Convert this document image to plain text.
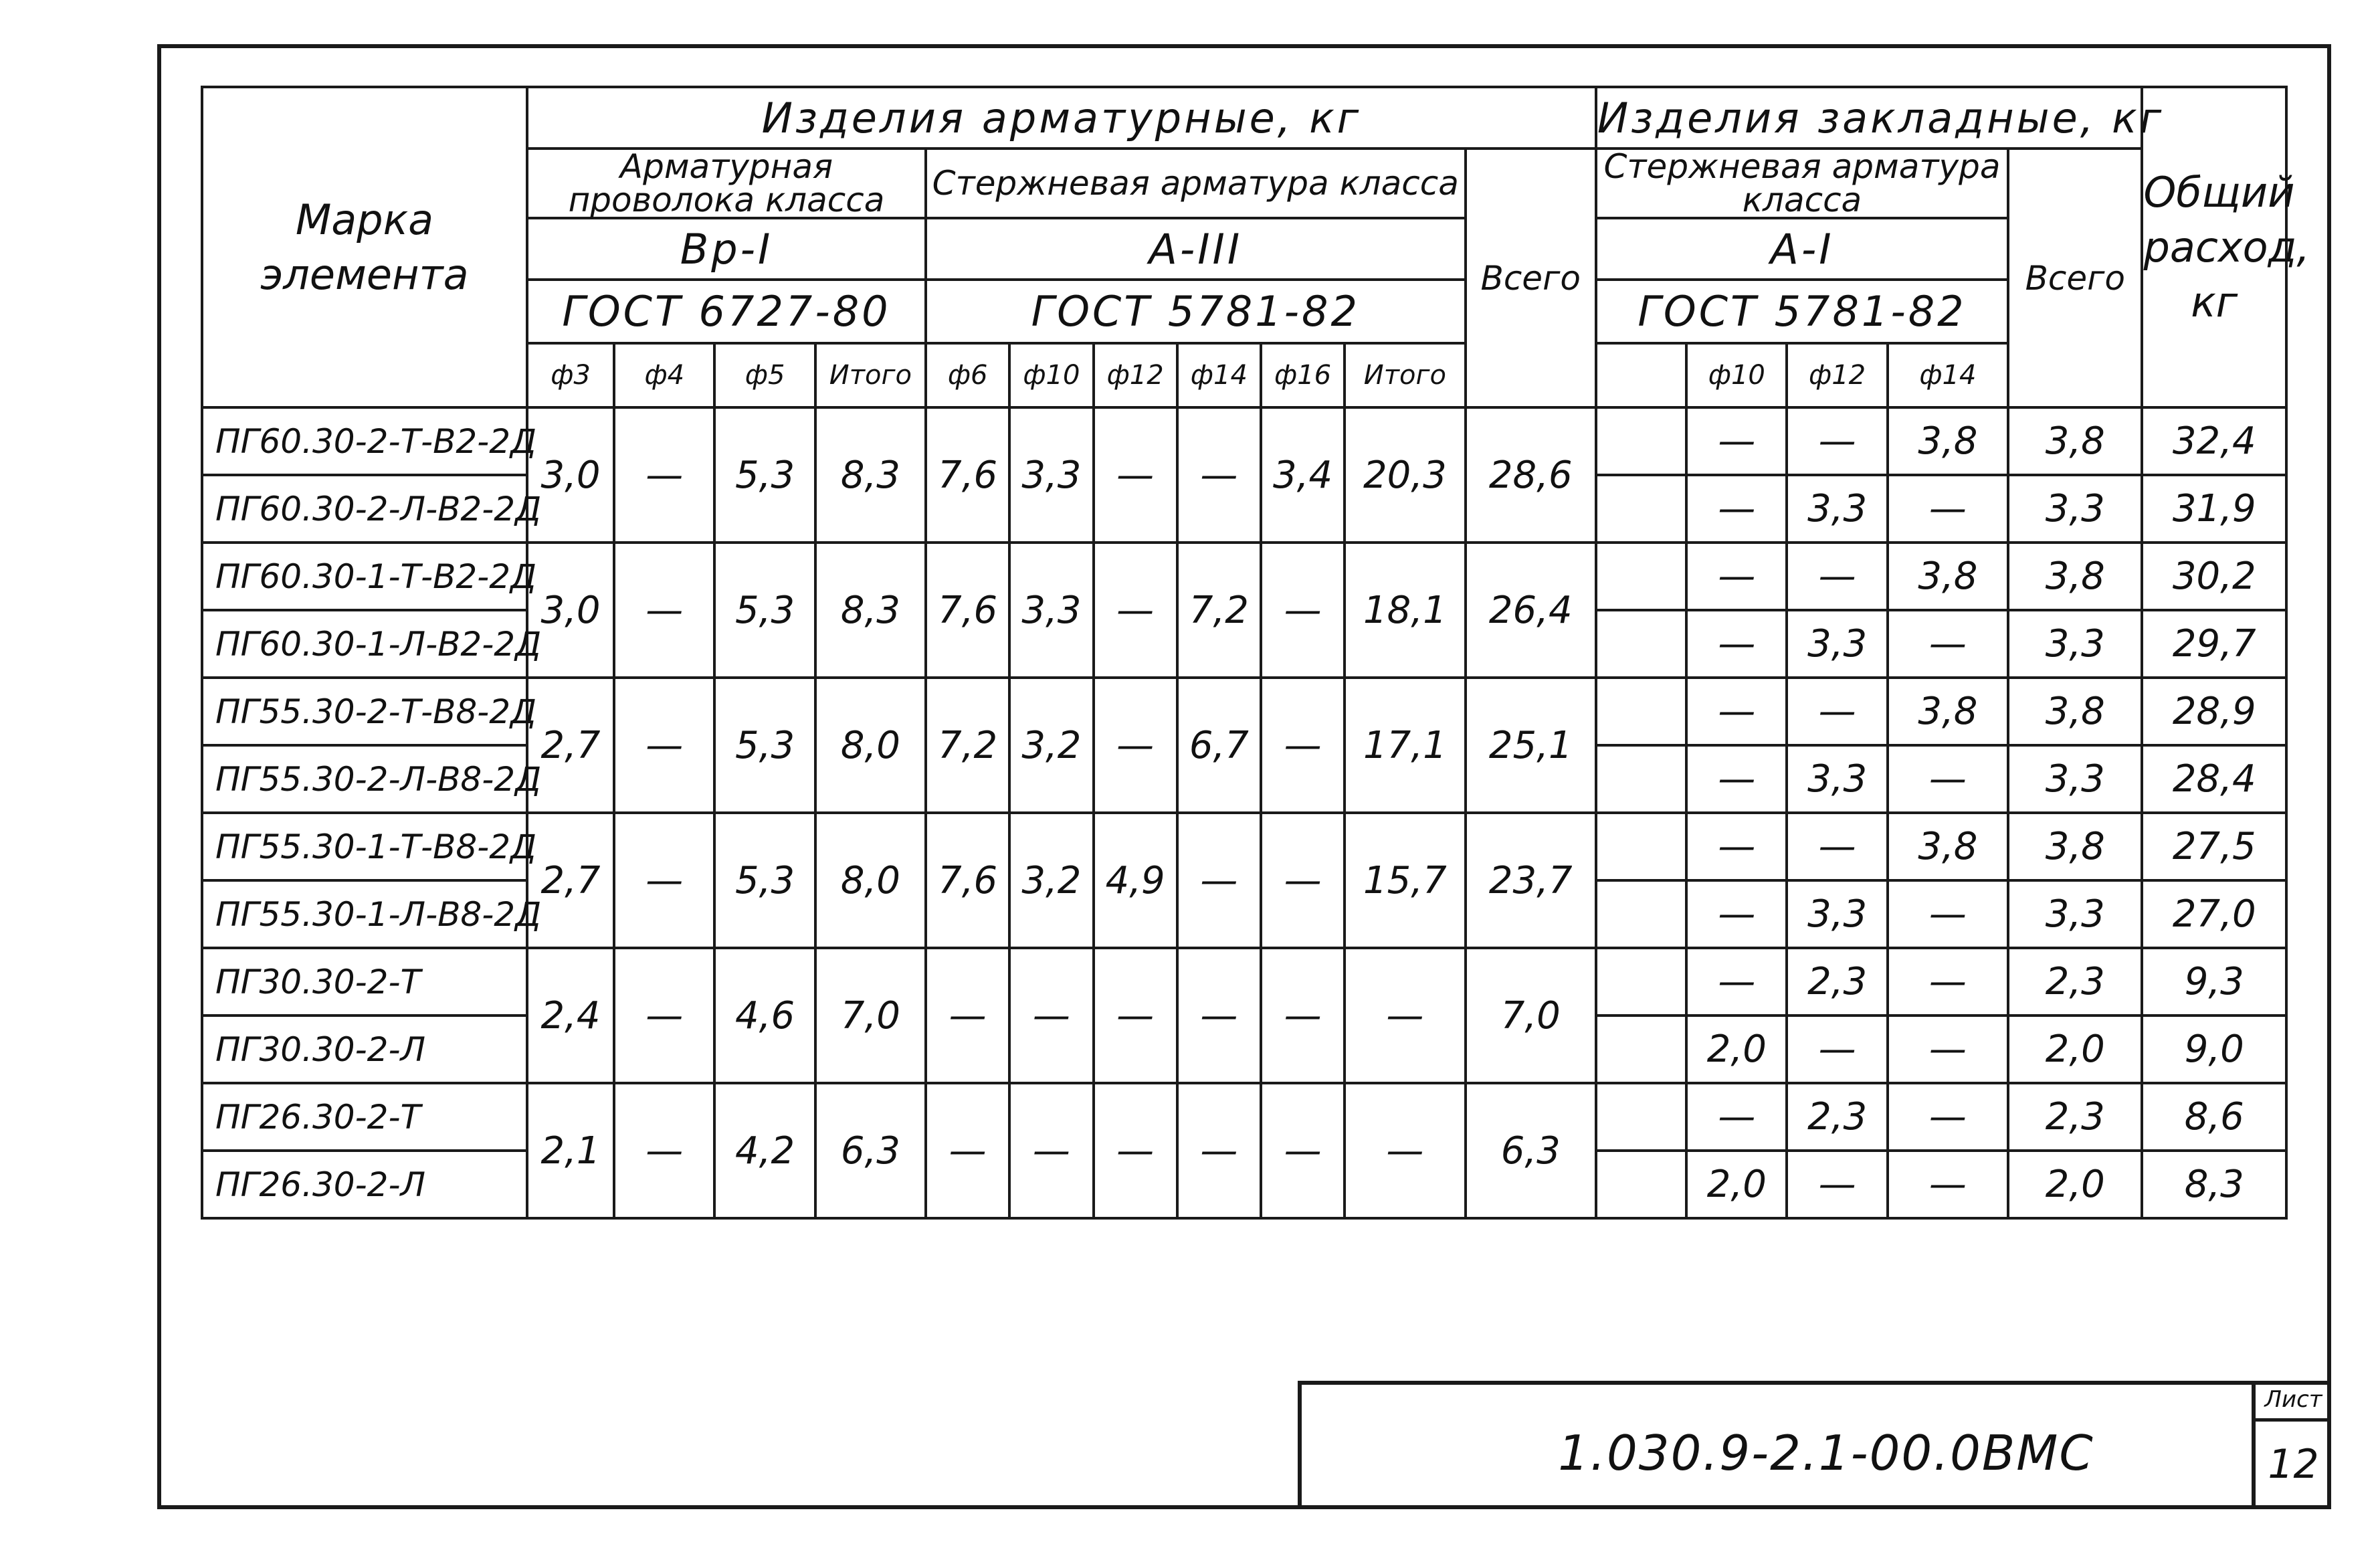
Марка элемента	Изделия арматурные, кг											Изделия закладные, кг					Общий расход, кг
	Арматурная проволока класса				Стержневая арматура класса						Всего	Стержневая арматура класса				Всего	
	Вр-I				А-III							А-I					
	ГОСТ 6727-80				ГОСТ 5781-82							ГОСТ 5781-82					
	ф3	ф4	ф5	Итого	ф6	ф10	ф12	ф14	ф16	Итого			ф10	ф12	ф14		
ПГ60.30-2-Т-В2-2Д	3,0	—	5,3	8,3	7,6	3,3	—	—	3,4	20,3	28,6		—	—	3,8	3,8	32,4
ПГ60.30-2-Л-В2-2Д													—	3,3	—	3,3	31,9
ПГ60.30-1-Т-В2-2Д	3,0	—	5,3	8,3	7,6	3,3	—	7,2	—	18,1	26,4		—	—	3,8	3,8	30,2
ПГ60.30-1-Л-В2-2Д													—	3,3	—	3,3	29,7
ПГ55.30-2-Т-В8-2Д	2,7	—	5,3	8,0	7,2	3,2	—	6,7	—	17,1	25,1		—	—	3,8	3,8	28,9
ПГ55.30-2-Л-В8-2Д													—	3,3	—	3,3	28,4
ПГ55.30-1-Т-В8-2Д	2,7	—	5,3	8,0	7,6	3,2	4,9	—	—	15,7	23,7		—	—	3,8	3,8	27,5
ПГ55.30-1-Л-В8-2Д													—	3,3	—	3,3	27,0
ПГ30.30-2-Т	2,4	—	4,6	7,0	—	—	—	—	—	—	7,0		—	2,3	—	2,3	9,3
ПГ30.30-2-Л													2,0	—	—	2,0	9,0
ПГ26.30-2-Т	2,1	—	4,2	6,3	—	—	—	—	—	—	6,3		—	2,3	—	2,3	8,6
ПГ26.30-2-Л													2,0	—	—	2,0	8,3
1.030.9-2.1-00.0ВМС
Лист
12
